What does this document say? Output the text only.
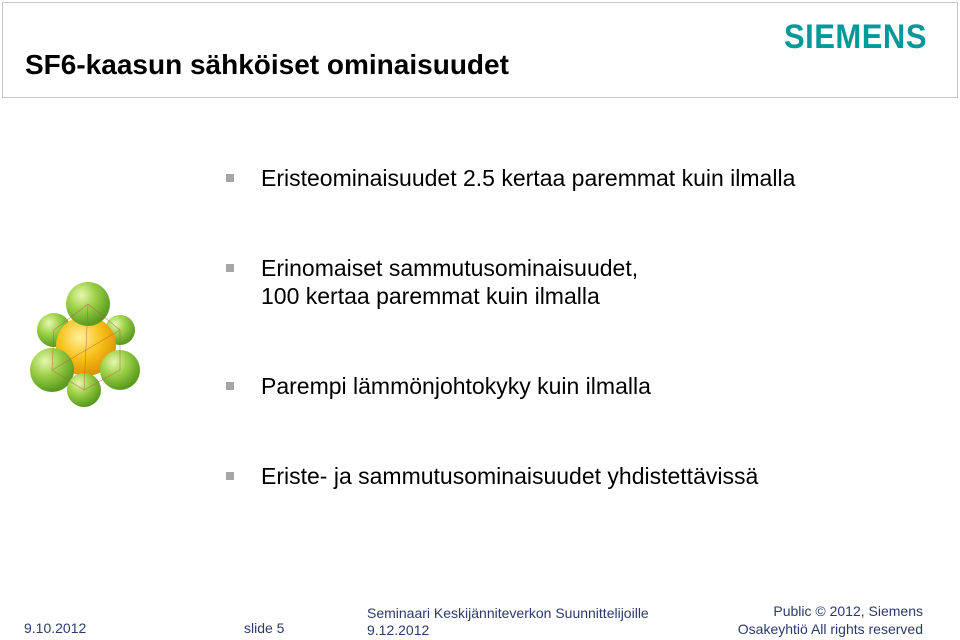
SF6-kaasun sähköiset ominaisuudet
SIEMENS
Eristeominaisuudet 2.5 kertaa paremmat kuin ilmalla
Erinomaiset sammutusominaisuudet,
100 kertaa paremmat kuin ilmalla
Parempi lämmönjohtokyky kuin ilmalla
Eriste- ja sammutusominaisuudet yhdistettävissä
9.10.2012	slide 5
Seminaari Keskijänniteverkon Suunnittelijoille
9.12.2012
Public © 2012, Siemens
Osakeyhtiö All rights reserved
